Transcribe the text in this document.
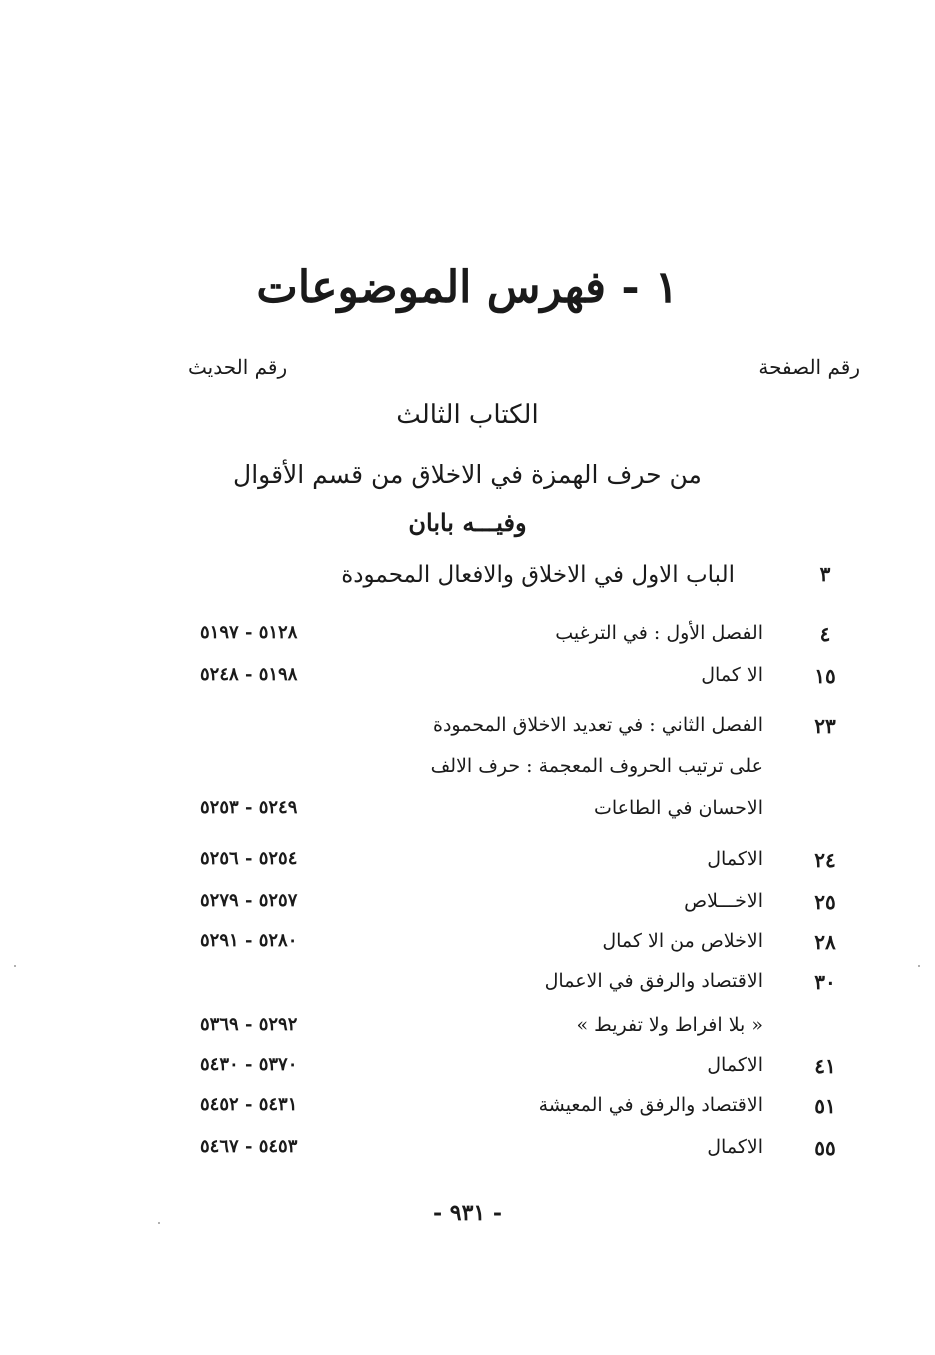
١ - فهرس الموضوعات
رقم الصفحة
رقم الحديث
الكتاب الثالث
من حرف الهمزة في الاخلاق من قسم الأقوال
وفيـــه بابان
٣
الباب الاول في الاخلاق والافعال المحمودة
٤
الفصل الأول : في الترغيب
٥١٢٨ - ٥١٩٧
١٥
الا كمال
٥١٩٨ - ٥٢٤٨
٢٣
الفصل الثاني : في تعديد الاخلاق المحمودة
على ترتيب الحروف المعجمة : حرف الالف
الاحسان في الطاعات
٥٢٤٩ - ٥٢٥٣
٢٤
الاكمال
٥٢٥٤ - ٥٢٥٦
٢٥
الاخـــلاص
٥٢٥٧ - ٥٢٧٩
٢٨
الاخلاص من الا كمال
٥٢٨٠ - ٥٢٩١
٣٠
الاقتصاد والرفق في الاعمال
« بلا افراط ولا تفريط »
٥٢٩٢ - ٥٣٦٩
٤١
الاكمال
٥٣٧٠ - ٥٤٣٠
٥١
الاقتصاد والرفق في المعيشة
٥٤٣١ - ٥٤٥٢
٥٥
الاكمال
٥٤٥٣ - ٥٤٦٧
- ٩٣١ -
